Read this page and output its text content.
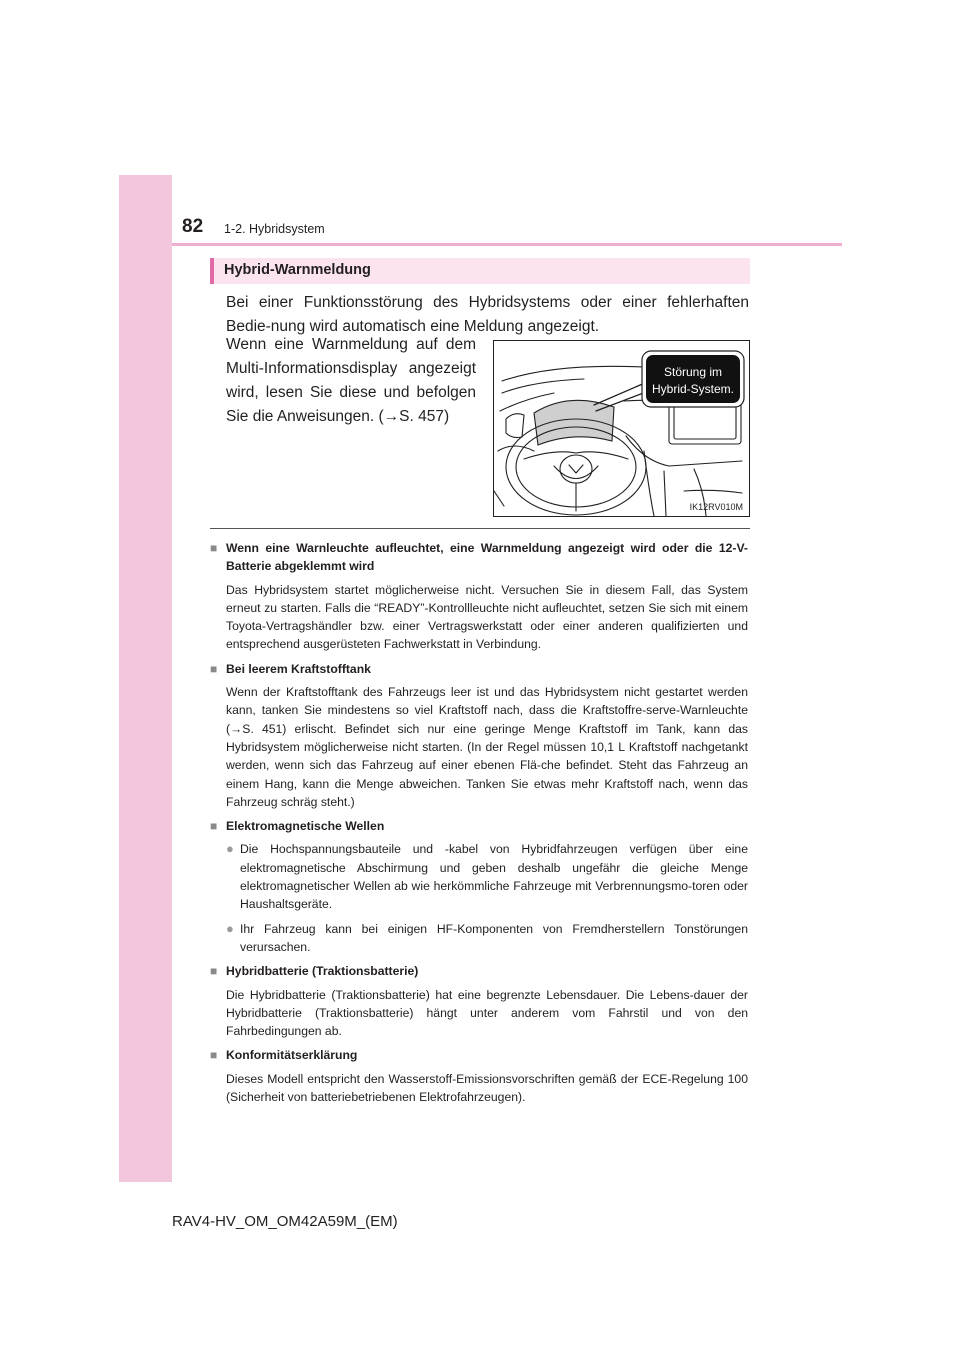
82 1-2. Hybridsystem
Hybrid-Warnmeldung

Bei einer Funktionsstörung des Hybridsystems oder einer fehlerhaften Bedie-nung wird automatisch eine Meldung angezeigt.

Wenn eine Warnmeldung auf dem Multi-Informationsdisplay angezeigt wird, lesen Sie diese und befolgen Sie die Anweisungen. (→S. 457)

Störung im
Hybrid-System.
IK12RV010M
■ Wenn eine Warnleuchte aufleuchtet, eine Warnmeldung angezeigt wird oder die 12-V-Batterie abgeklemmt wird

Das Hybridsystem startet möglicherweise nicht. Versuchen Sie in diesem Fall, das System erneut zu starten. Falls die “READY”-Kontrollleuchte nicht aufleuchtet, setzen Sie sich mit einem Toyota-Vertragshändler bzw. einer Vertragswerkstatt oder einer anderen qualifizierten und entsprechend ausgerüsteten Fachwerkstatt in Verbindung.

■ Bei leerem Kraftstofftank

Wenn der Kraftstofftank des Fahrzeugs leer ist und das Hybridsystem nicht gestartet werden kann, tanken Sie mindestens so viel Kraftstoff nach, dass die Kraftstoffre-serve-Warnleuchte (→S. 451) erlischt. Befindet sich nur eine geringe Menge Kraftstoff im Tank, kann das Hybridsystem möglicherweise nicht starten. (In der Regel müssen 10,1 L Kraftstoff nachgetankt werden, wenn sich das Fahrzeug auf einer ebenen Flä-che befindet. Steht das Fahrzeug an einem Hang, kann die Menge abweichen. Tanken Sie etwas mehr Kraftstoff nach, wenn das Fahrzeug schräg steht.)

■ Elektromagnetische Wellen
● Die Hochspannungsbauteile und -kabel von Hybridfahrzeugen verfügen über eine elektromagnetische Abschirmung und geben deshalb ungefähr die gleiche Menge elektromagnetischer Wellen ab wie herkömmliche Fahrzeuge mit Verbrennungsmo-toren oder Haushaltsgeräte.
● Ihr Fahrzeug kann bei einigen HF-Komponenten von Fremdherstellern Tonstörungen verursachen.
■ Hybridbatterie (Traktionsbatterie)

Die Hybridbatterie (Traktionsbatterie) hat eine begrenzte Lebensdauer. Die Lebens-dauer der Hybridbatterie (Traktionsbatterie) hängt unter anderem vom Fahrstil und von den Fahrbedingungen ab.

■ Konformitätserklärung

Dieses Modell entspricht den Wasserstoff-Emissionsvorschriften gemäß der ECE-Regelung 100 (Sicherheit von batteriebetriebenen Elektrofahrzeugen).

RAV4-HV_OM_OM42A59M_(EM)
